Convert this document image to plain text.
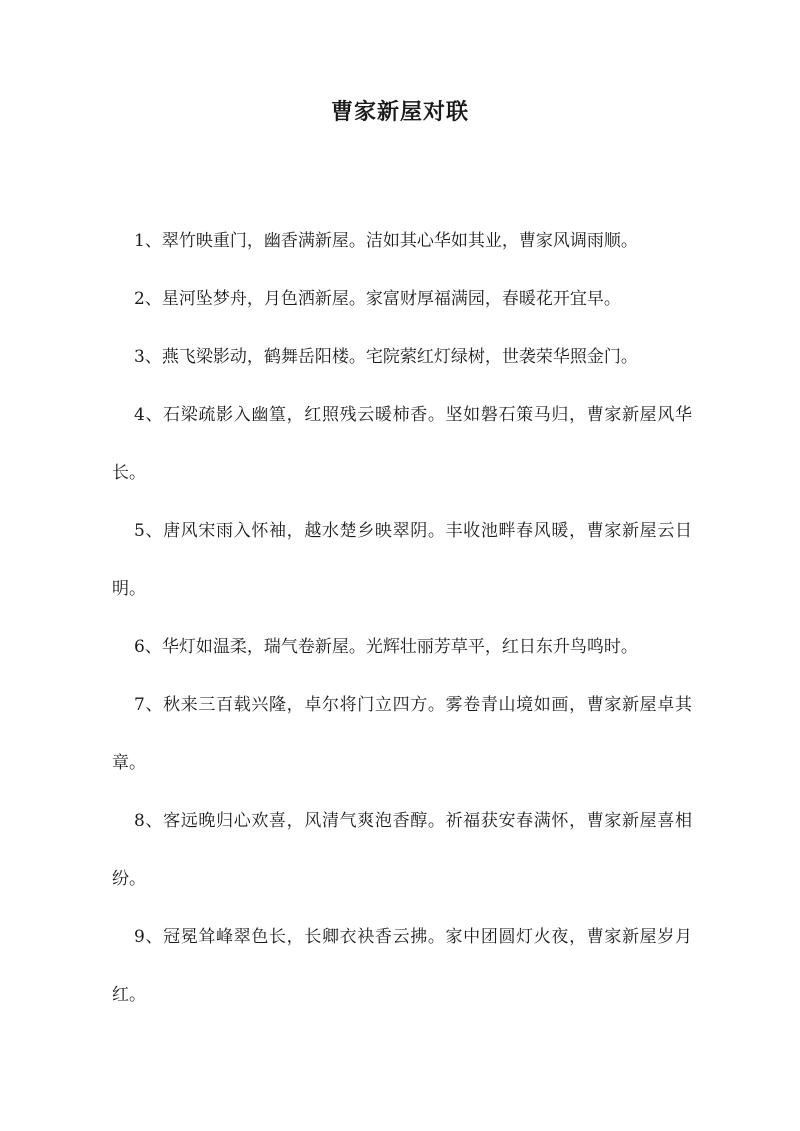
曹家新屋对联
1、翠竹映重门，幽香满新屋。洁如其心华如其业，曹家风调雨顺。
2、星河坠梦舟，月色洒新屋。家富财厚福满园，春暖花开宜早。
3、燕飞梁影动，鹤舞岳阳楼。宅院萦红灯绿树，世袭荣华照金门。
4、石梁疏影入幽篁，红照残云暖柿香。坚如磐石策马归，曹家新屋风华长。
5、唐风宋雨入怀袖，越水楚乡映翠阴。丰收池畔春风暖，曹家新屋云日明。
6、华灯如温柔，瑞气卷新屋。光辉壮丽芳草平，红日东升鸟鸣时。
7、秋来三百载兴隆，卓尔将门立四方。雾卷青山境如画，曹家新屋卓其章。
8、客远晚归心欢喜，风清气爽泡香醇。祈福获安春满怀，曹家新屋喜相纷。
9、冠冕耸峰翠色长，长卿衣袂香云拂。家中团圆灯火夜，曹家新屋岁月红。
